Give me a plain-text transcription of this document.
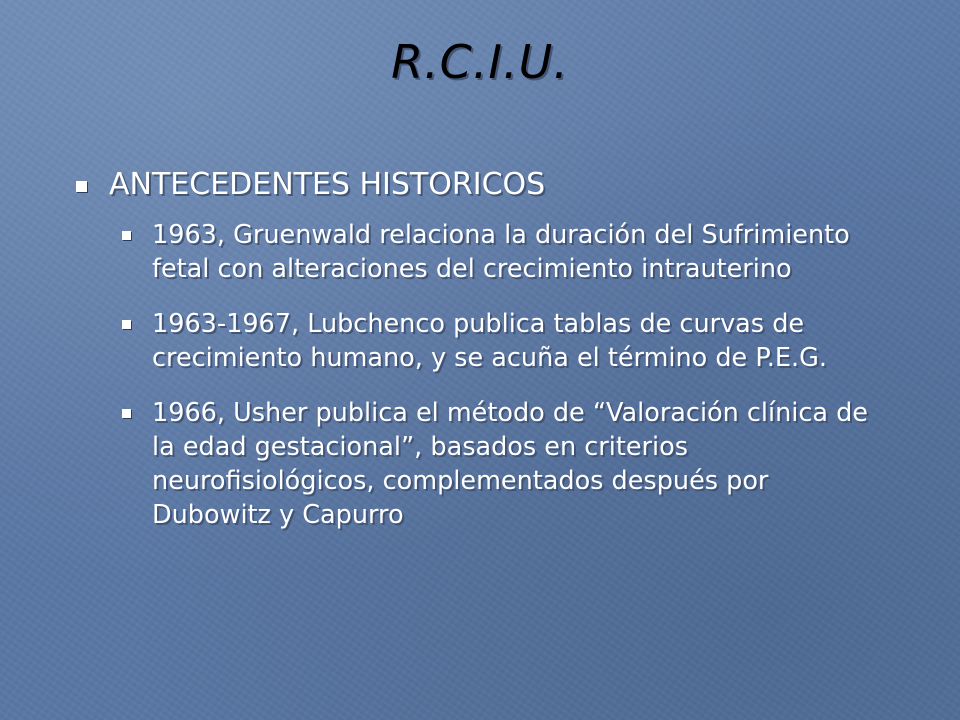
R.C.I.U.
ANTECEDENTES HISTORICOS
1963, Gruenwald relaciona la duración del Sufrimiento fetal con alteraciones del crecimiento intrauterino
1963-1967, Lubchenco publica tablas de curvas de crecimiento humano, y se acuña el término de P.E.G.
1966, Usher publica el método de “Valoración clínica de la edad gestacional”, basados en criterios neurofisiológicos, complementados después por Dubowitz y Capurro
